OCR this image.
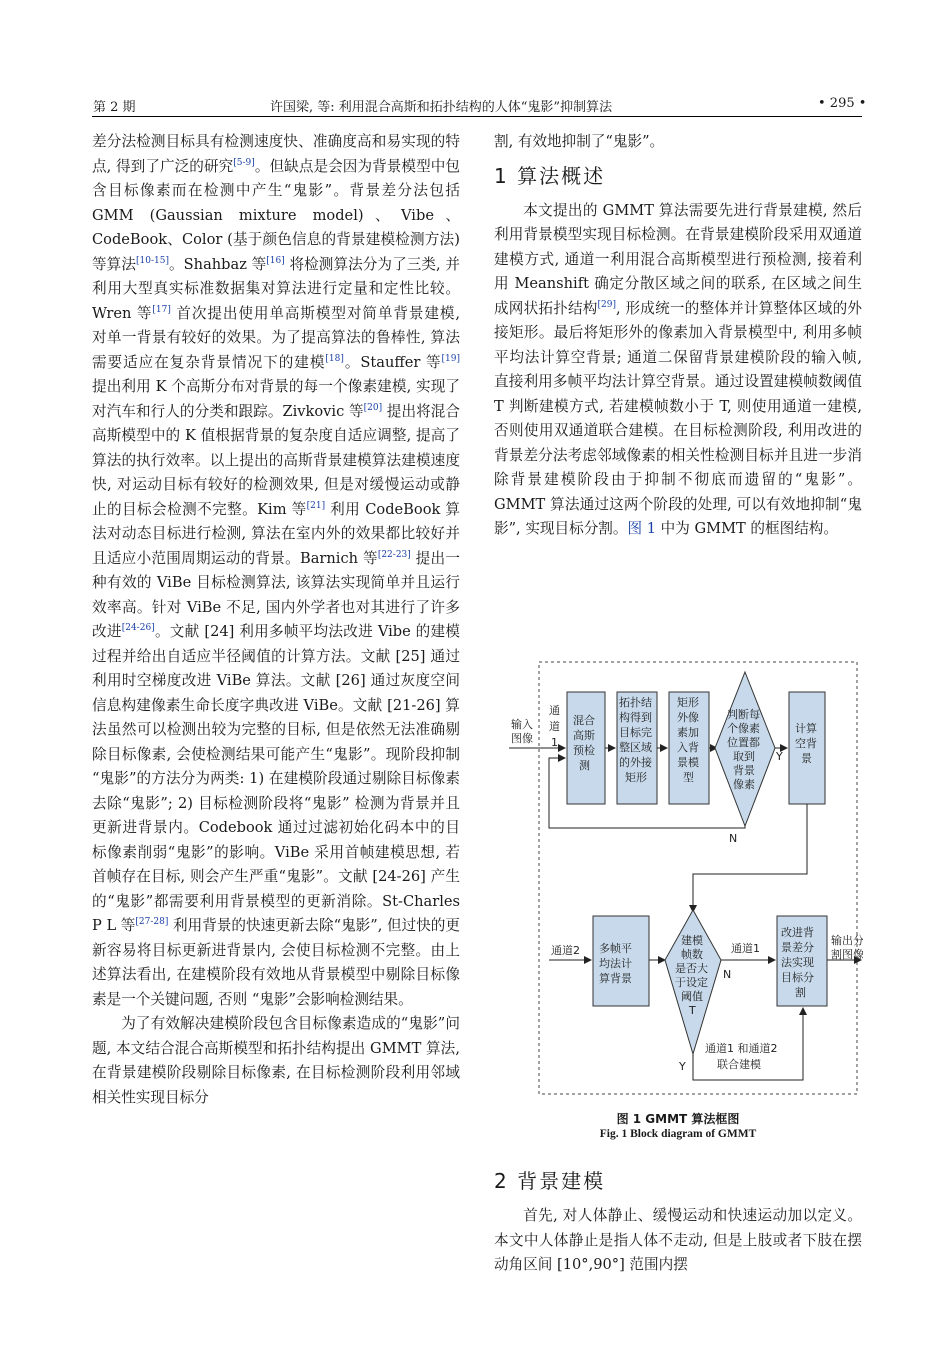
第 2 期	许国梁, 等: 利用混合高斯和拓扑结构的人体“鬼影”抑制算法	• 295 •

差分法检测目标具有检测速度快、准确度高和易实现的特点, 得到了广泛的研究[5-9]。但缺点是会因为背景模型中包含目标像素而在检测中产生“鬼影”。背景差分法包括 GMM (Gaussian mixture model)、Vibe、CodeBook、Color (基于颜色信息的背景建模检测方法) 等算法[10-15]。Shahbaz 等[16] 将检测算法分为了三类, 并利用大型真实标准数据集对算法进行定量和定性比较。Wren 等[17] 首次提出使用单高斯模型对简单背景建模, 对单一背景有较好的效果。为了提高算法的鲁棒性, 算法需要适应在复杂背景情况下的建模[18]。Stauffer 等[19] 提出利用 K 个高斯分布对背景的每一个像素建模, 实现了对汽车和行人的分类和跟踪。Zivkovic 等[20] 提出将混合高斯模型中的 K 值根据背景的复杂度自适应调整, 提高了算法的执行效率。以上提出的高斯背景建模算法建模速度快, 对运动目标有较好的检测效果, 但是对缓慢运动或静止的目标会检测不完整。Kim 等[21] 利用 CodeBook 算法对动态目标进行检测, 算法在室内外的效果都比较好并且适应小范围周期运动的背景。Barnich 等[22-23] 提出一种有效的 ViBe 目标检测算法, 该算法实现简单并且运行效率高。针对 ViBe 不足, 国内外学者也对其进行了许多改进[24-26]。文献 [24] 利用多帧平均法改进 Vibe 的建模过程并给出自适应半径阈值的计算方法。文献 [25] 通过利用时空梯度改进 ViBe 算法。文献 [26] 通过灰度空间信息构建像素生命长度字典改进 ViBe。文献 [21-26] 算法虽然可以检测出较为完整的目标, 但是依然无法准确剔除目标像素, 会使检测结果可能产生“鬼影”。现阶段抑制 “鬼影”的方法分为两类: 1) 在建模阶段通过剔除目标像素去除“鬼影”; 2) 目标检测阶段将“鬼影” 检测为背景并且更新进背景内。Codebook 通过过滤初始化码本中的目标像素削弱“鬼影”的影响。ViBe 采用首帧建模思想, 若首帧存在目标, 则会产生严重“鬼影”。文献 [24-26] 产生的“鬼影”都需要利用背景模型的更新消除。St-Charles P L 等[27-28] 利用背景的快速更新去除“鬼影”, 但过快的更新容易将目标更新进背景内, 会使目标检测不完整。由上述算法看出, 在建模阶段有效地从背景模型中剔除目标像素是一个关键问题, 否则 “鬼影”会影响检测结果。

为了有效解决建模阶段包含目标像素造成的“鬼影”问题, 本文结合混合高斯模型和拓扑结构提出 GMMT 算法, 在背景建模阶段剔除目标像素, 在目标检测阶段利用邻域相关性实现目标分

割, 有效地抑制了“鬼影”。

1 算法概述

本文提出的 GMMT 算法需要先进行背景建模, 然后利用背景模型实现目标检测。在背景建模阶段采用双通道建模方式, 通道一利用混合高斯模型进行预检测, 接着利用 Meanshift 确定分散区域之间的联系, 在区域之间生成网状拓扑结构[29], 形成统一的整体并计算整体区域的外接矩形。最后将矩形外的像素加入背景模型中, 利用多帧平均法计算空背景; 通道二保留背景建模阶段的输入帧, 直接利用多帧平均法计算空背景。通过设置建模帧数阈值 T 判断建模方式, 若建模帧数小于 T, 则使用通道一建模, 否则使用双通道联合建模。在目标检测阶段, 利用改进的背景差分法考虑邻域像素的相关性检测目标并且进一步消除背景建模阶段由于抑制不彻底而遗留的“鬼影”。GMMT 算法通过这两个阶段的处理, 可以有效地抑制“鬼影”, 实现目标分割。图 1 中为 GMMT 的框图结构。

2 背景建模

首先, 对人体静止、缓慢运动和快速运动加以定义。本文中人体静止是指人体不走动, 但是上肢或者下肢在摆动角区间 [10°,90°] 范围内摆

输入
图像
通
道
1
混合
高斯
预检
测
拓扑结
构得到
目标完
整区域
的外接
矩形
矩形
外像
素加
入背
景模
型
判断每
个像素
位置都
取到
背景
像素
Y
计算
空背
景
N
通道2 多帧平
均法计
算背景
建模
帧数
是否大
于设定
阈值
T
N
通道1
改进背
景差分
法实现
目标分
割
输出分
割图像
Y
通道1 和通道2
联合建模
图 1 GMMT 算法框图
Fig. 1 Block diagram of GMMT
